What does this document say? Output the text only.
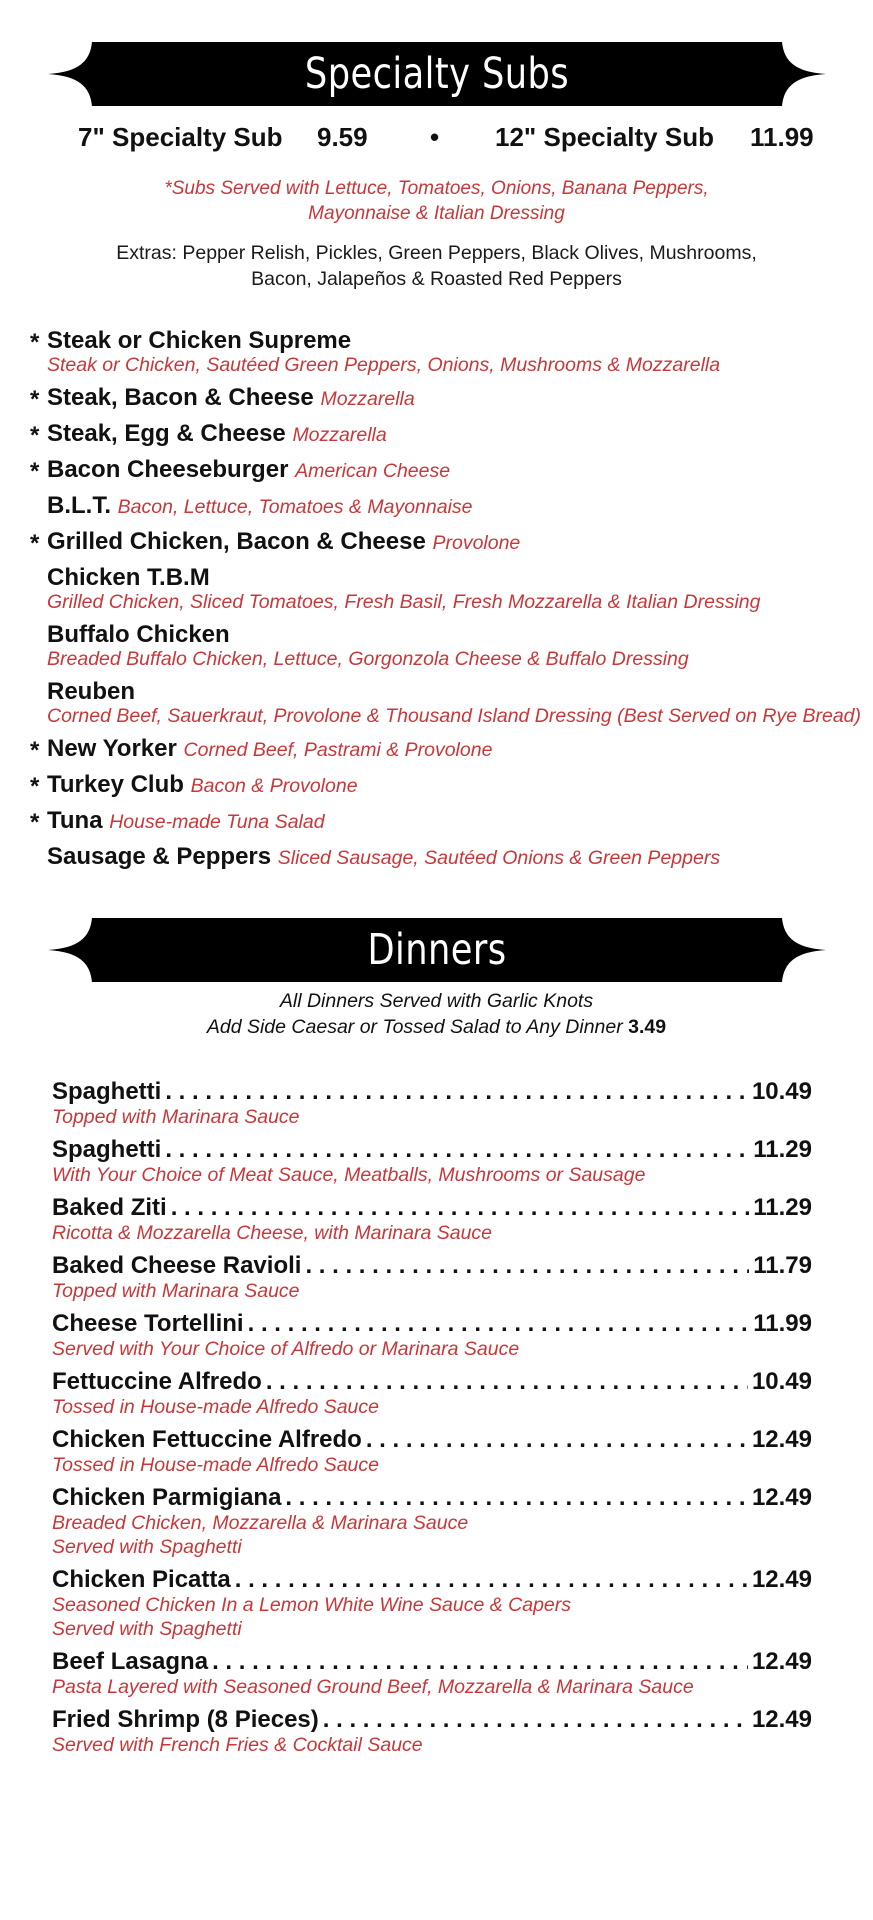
Specialty Subs
7" Specialty Sub 9.59 • 12" Specialty Sub 11.99
*Subs Served with Lettuce, Tomatoes, Onions, Banana Peppers,
Mayonnaise & Italian Dressing
Extras: Pepper Relish, Pickles, Green Peppers, Black Olives, Mushrooms,
Bacon, Jalapeños & Roasted Red Peppers
* Steak or Chicken Supreme
Steak or Chicken, Sautéed Green Peppers, Onions, Mushrooms & Mozzarella
* Steak, Bacon & Cheese Mozzarella
* Steak, Egg & Cheese Mozzarella
* Bacon Cheeseburger American Cheese
B.L.T. Bacon, Lettuce, Tomatoes & Mayonnaise
* Grilled Chicken, Bacon & Cheese Provolone
Chicken T.B.M
Grilled Chicken, Sliced Tomatoes, Fresh Basil, Fresh Mozzarella & Italian Dressing
Buffalo Chicken
Breaded Buffalo Chicken, Lettuce, Gorgonzola Cheese & Buffalo Dressing
Reuben
Corned Beef, Sauerkraut, Provolone & Thousand Island Dressing (Best Served on Rye Bread)
* New Yorker Corned Beef, Pastrami & Provolone
* Turkey Club Bacon & Provolone
* Tuna House-made Tuna Salad
Sausage & Peppers Sliced Sausage, Sautéed Onions & Green Peppers
Dinners
All Dinners Served with Garlic Knots
Add Side Caesar or Tossed Salad to Any Dinner 3.49
Spaghetti . . .	10.49
Topped with Marinara Sauce
Spaghetti . . .	11.29
With Your Choice of Meat Sauce, Meatballs, Mushrooms or Sausage
Baked Ziti . . .	11.29
Ricotta & Mozzarella Cheese, with Marinara Sauce
Baked Cheese Ravioli . . .	11.79
Topped with Marinara Sauce
Cheese Tortellini . . .	11.99
Served with Your Choice of Alfredo or Marinara Sauce
Fettuccine Alfredo . . .	10.49
Tossed in House-made Alfredo Sauce
Chicken Fettuccine Alfredo . . .	12.49
Tossed in House-made Alfredo Sauce
Chicken Parmigiana . . .	12.49
Breaded Chicken, Mozzarella & Marinara Sauce
Served with Spaghetti
Chicken Picatta . . .	12.49
Seasoned Chicken In a Lemon White Wine Sauce & Capers
Served with Spaghetti
Beef Lasagna . . .	12.49
Pasta Layered with Seasoned Ground Beef, Mozzarella & Marinara Sauce
Fried Shrimp (8 Pieces) . . .	12.49
Served with French Fries & Cocktail Sauce
